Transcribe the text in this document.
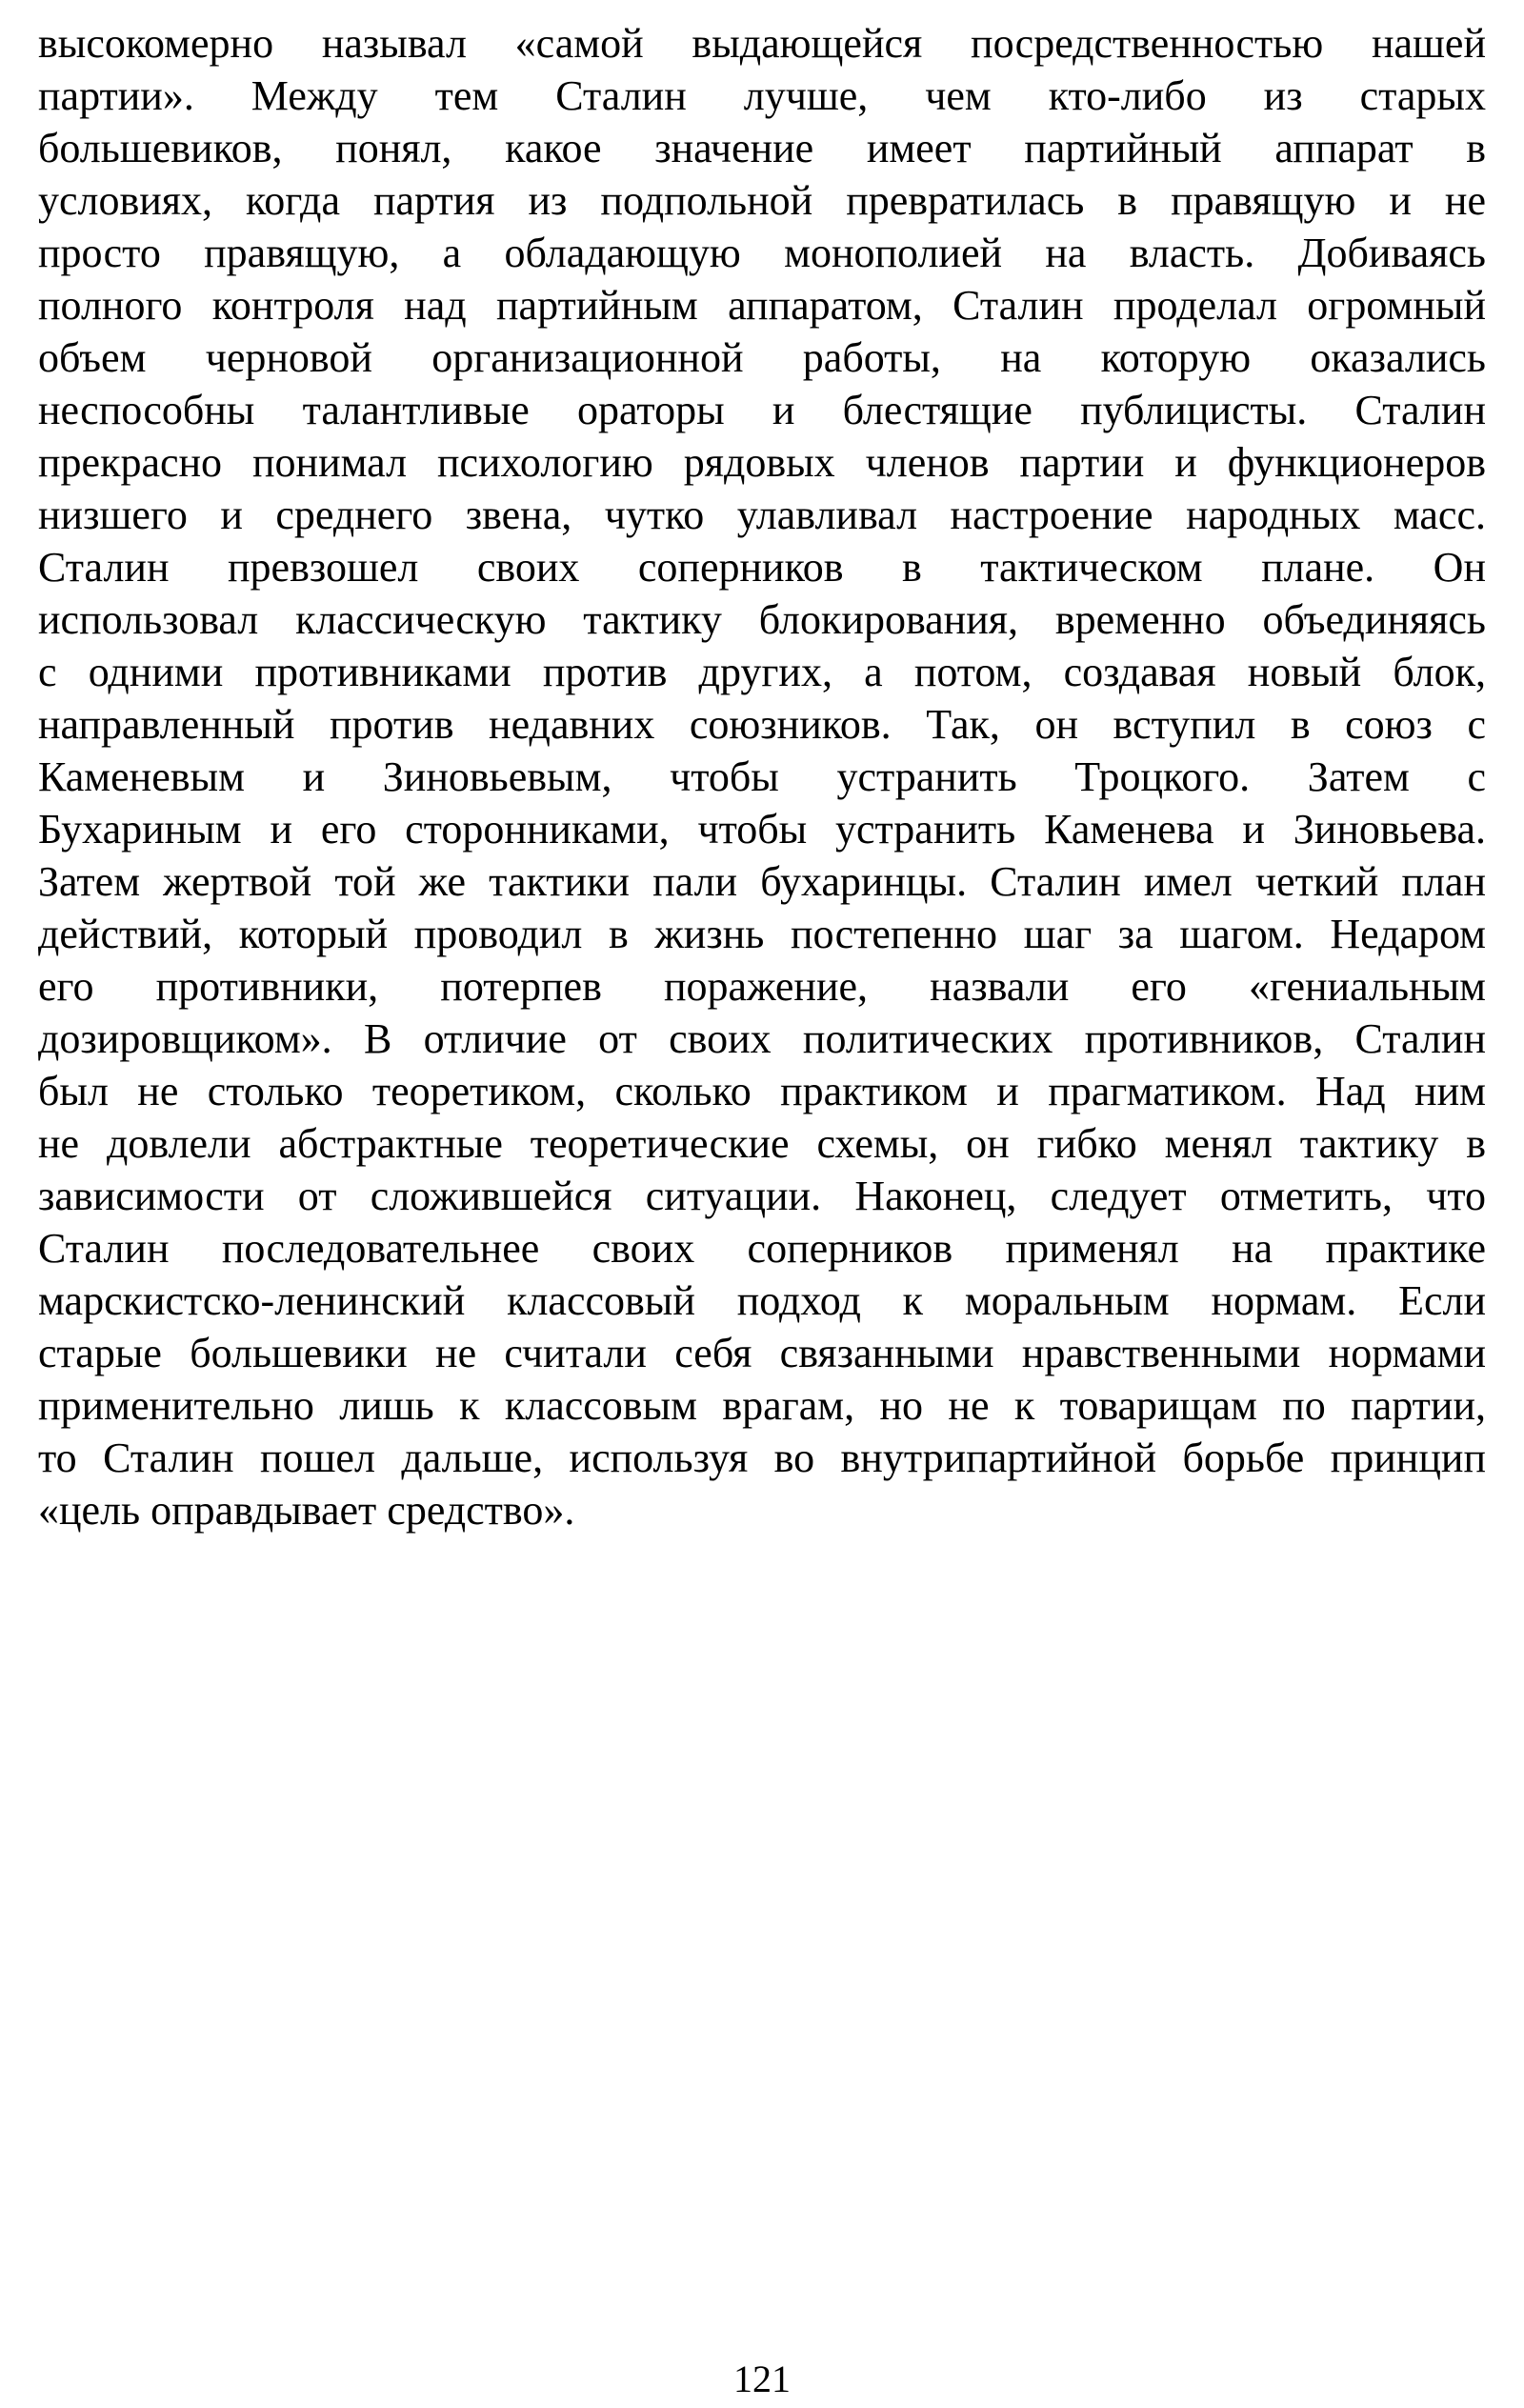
высокомерно называл «самой выдающейся посредственностью нашей
партии». Между тем Сталин лучше, чем кто-либо из старых
большевиков, понял, какое значение имеет партийный аппарат в
условиях, когда партия из подпольной превратилась в правящую и не
просто правящую, а обладающую монополией на власть. Добиваясь
полного контроля над партийным аппаратом, Сталин проделал огромный
объем черновой организационной работы, на которую оказались
неспособны талантливые ораторы и блестящие публицисты. Сталин
прекрасно понимал психологию рядовых членов партии и функционеров
низшего и среднего звена, чутко улавливал настроение народных масс.
Сталин превзошел своих соперников в тактическом плане. Он
использовал классическую тактику блокирования, временно объединяясь
с одними противниками против других, а потом, создавая новый блок,
направленный против недавних союзников. Так, он вступил в союз с
Каменевым и Зиновьевым, чтобы устранить Троцкого. Затем с
Бухариным и его сторонниками, чтобы устранить Каменева и Зиновьева.
Затем жертвой той же тактики пали бухаринцы. Сталин имел четкий план
действий, который проводил в жизнь постепенно шаг за шагом. Недаром
его противники, потерпев поражение, назвали его «гениальным
дозировщиком». В отличие от своих политических противников, Сталин
был не столько теоретиком, сколько практиком и прагматиком. Над ним
не довлели абстрактные теоретические схемы, он гибко менял тактику в
зависимости от сложившейся ситуации. Наконец, следует отметить, что
Сталин последовательнее своих соперников применял на практике
марскистско-ленинский классовый подход к моральным нормам. Если
старые большевики не считали себя связанными нравственными нормами
применительно лишь к классовым врагам, но не к товарищам по партии,
то Сталин пошел дальше, используя во внутрипартийной борьбе принцип
«цель оправдывает средство».
121
